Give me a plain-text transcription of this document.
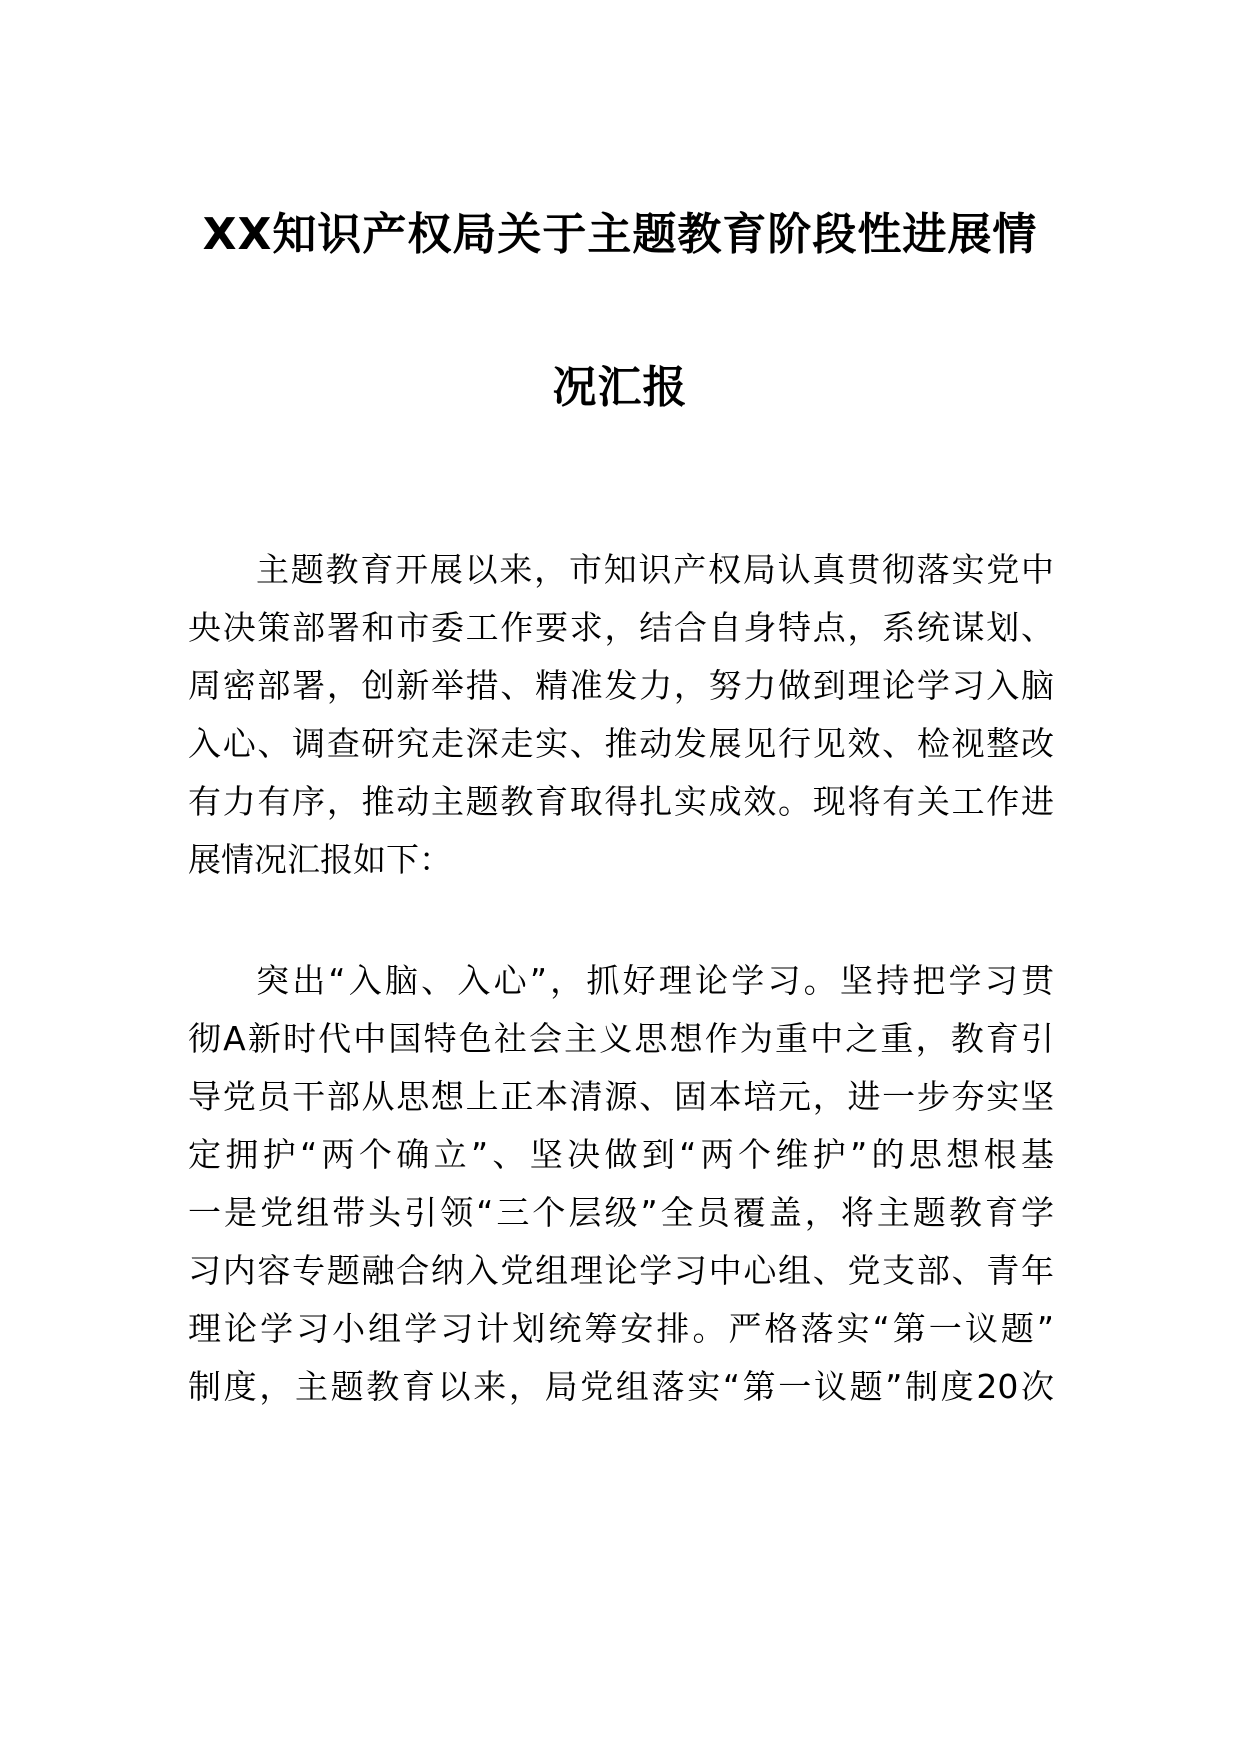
XX知识产权局关于主题教育阶段性进展情
况汇报
主题教育开展以来，市知识产权局认真贯彻落实党中
央决策部署和市委工作要求，结合自身特点，系统谋划、
周密部署，创新举措、精准发力，努力做到理论学习入脑
入心、调查研究走深走实、推动发展见行见效、检视整改
有力有序，推动主题教育取得扎实成效。现将有关工作进
展情况汇报如下：
突出“入脑、入心”，抓好理论学习。坚持把学习贯
彻A新时代中国特色社会主义思想作为重中之重，教育引
导党员干部从思想上正本清源、固本培元，进一步夯实坚
定拥护“两个确立”、坚决做到“两个维护”的思想根基
一是党组带头引领“三个层级”全员覆盖，将主题教育学
习内容专题融合纳入党组理论学习中心组、党支部、青年
理论学习小组学习计划统筹安排。严格落实“第一议题”
制度，主题教育以来，局党组落实“第一议题”制度20次
